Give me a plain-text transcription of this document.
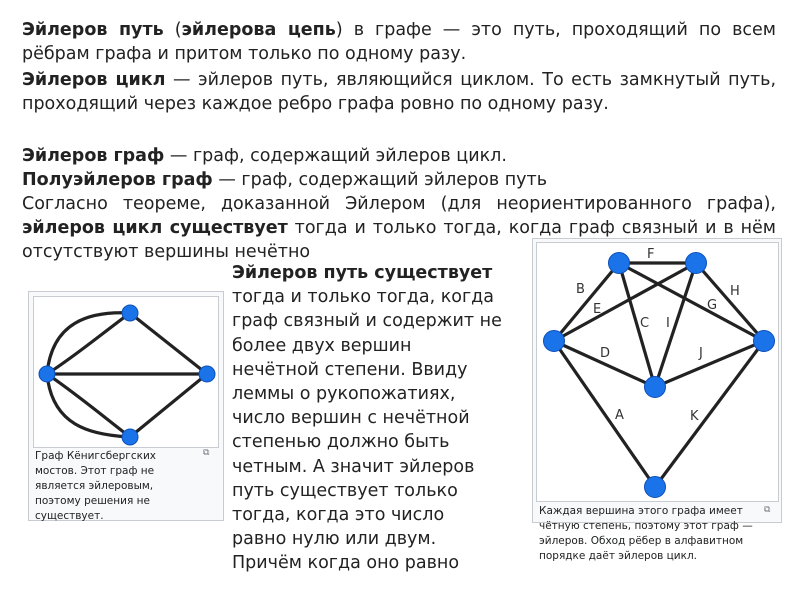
Эйлеров путь (эйлерова цепь) в графе — это путь, проходящий по всем рёбрам графа и притом только по одному разу.
Эйлеров цикл — эйлеров путь, являющийся циклом. То есть замкнутый путь, проходящий через каждое ребро графа ровно по одному разу.
Эйлеров граф — граф, содержащий эйлеров цикл.
Полуэйлеров граф — граф, содержащий эйлеров путь
Согласно теореме, доказанной Эйлером (для неориентированного графа), эйлеров цикл существует тогда и только тогда, когда граф связный и в нём отсутствуют вершины нечётно
⧉
Граф Кёнигсбергских мостов. Этот граф не является эйлеровым, поэтому решения не существует.
Эйлеров путь существует тогда и только тогда, когда граф связный и содержит не более двух вершин нечётной степени. Ввиду леммы о рукопожатиях, число вершин с нечётной степенью должно быть четным. А значит эйлеров путь существует только тогда, когда это число равно нулю или двум. Причём когда оно равно
A
B
C
D
E
F
G
H
I
J
K
⧉
Каждая вершина этого графа имеет чётную степень, поэтому этот граф — эйлеров. Обход рёбер в алфавитном порядке даёт эйлеров цикл.
